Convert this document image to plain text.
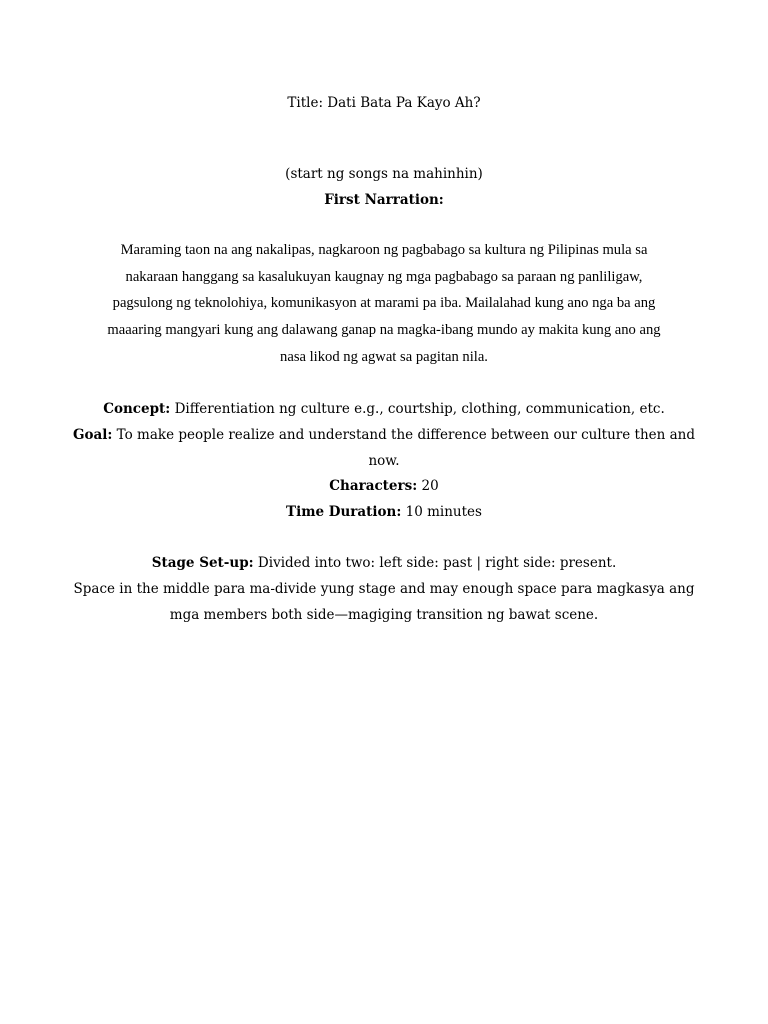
Title: Dati Bata Pa Kayo Ah?
(start ng songs na mahinhin)
First Narration:
Maraming taon na ang nakalipas, nagkaroon ng pagbabago sa kultura ng Pilipinas mula sa
nakaraan hanggang sa kasalukuyan kaugnay ng mga pagbabago sa paraan ng panliligaw,
pagsulong ng teknolohiya, komunikasyon at marami pa iba. Mailalahad kung ano nga ba ang
maaaring mangyari kung ang dalawang ganap na magka-ibang mundo ay makita kung ano ang
nasa likod ng agwat sa pagitan nila.
Concept: Differentiation ng culture e.g., courtship, clothing, communication, etc.
Goal: To make people realize and understand the difference between our culture then and
now.
Characters: 20
Time Duration: 10 minutes
Stage Set-up: Divided into two: left side: past | right side: present.
Space in the middle para ma-divide yung stage and may enough space para magkasya ang
mga members both side—magiging transition ng bawat scene.
